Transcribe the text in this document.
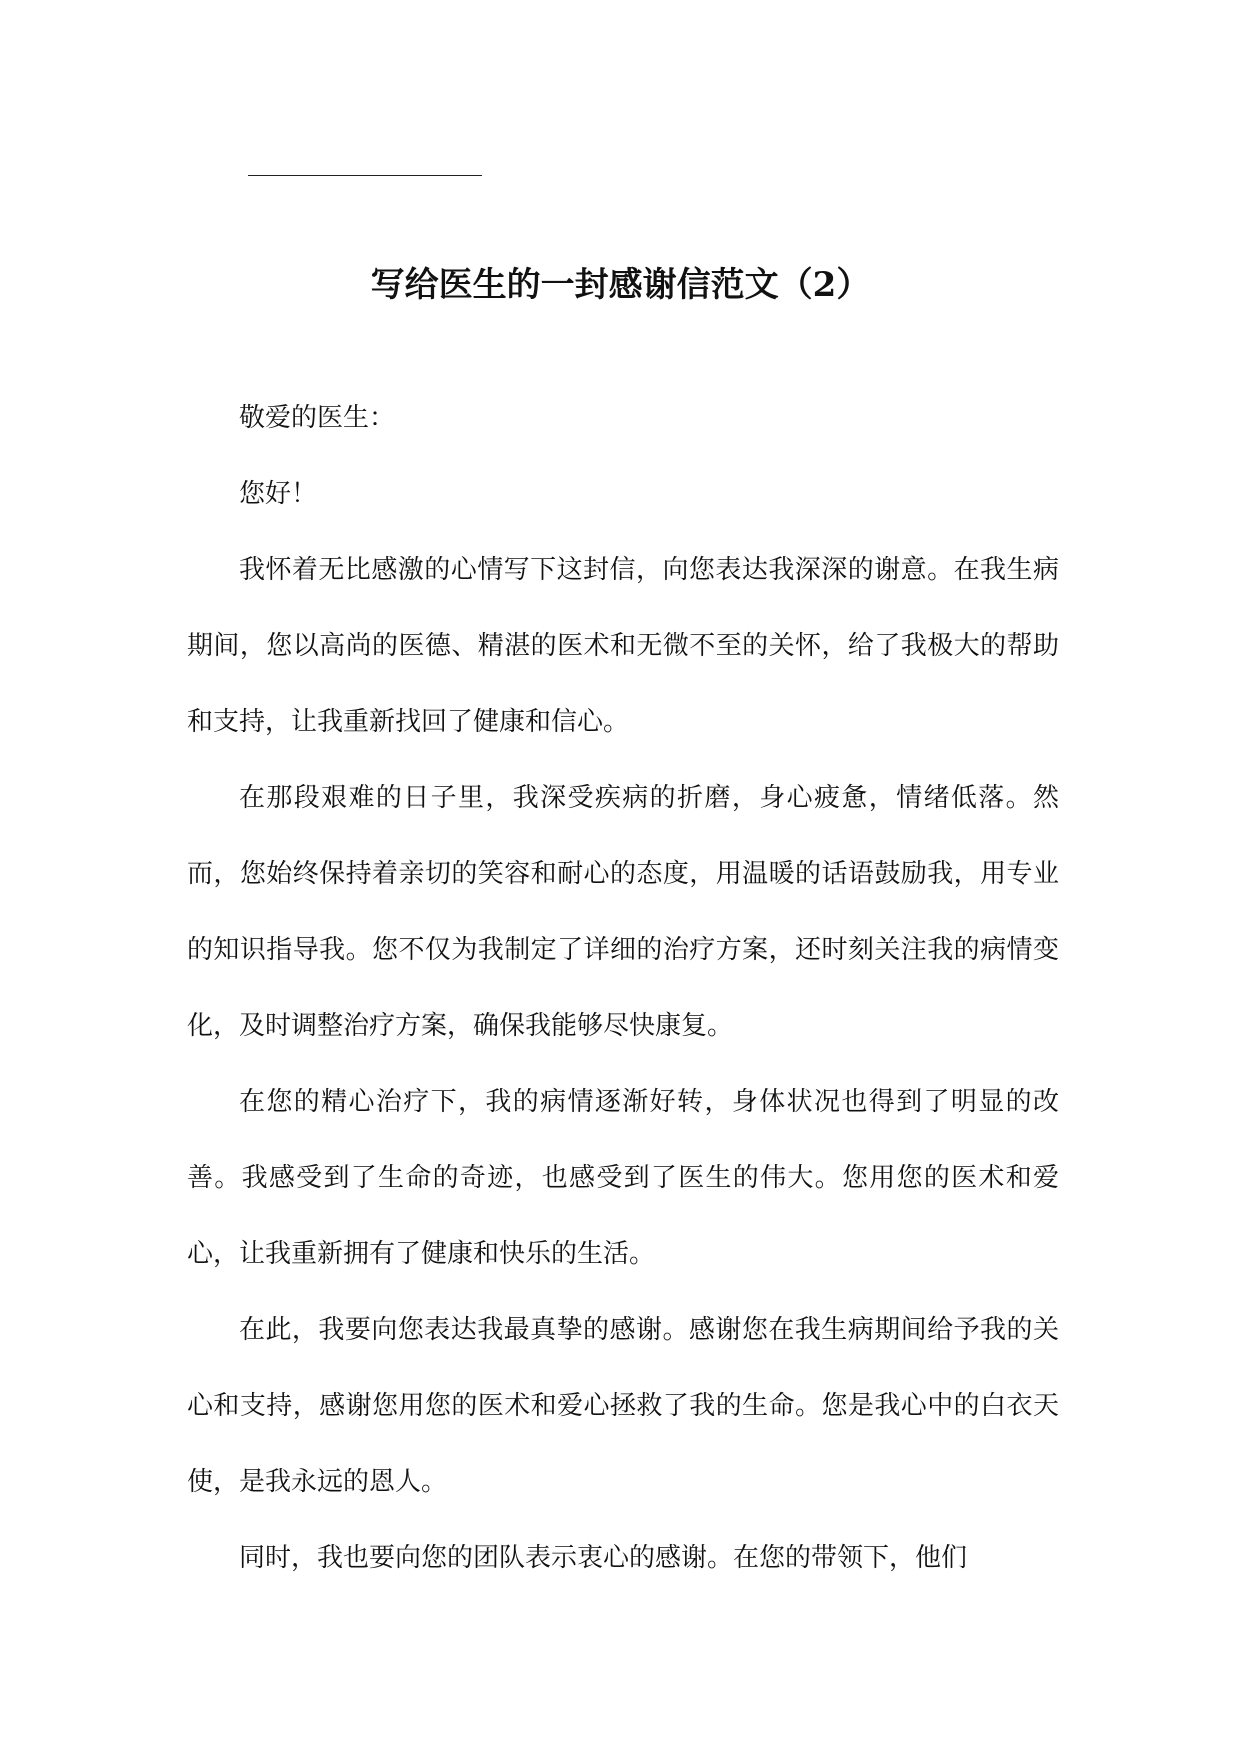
写给医生的一封感谢信范文（2）

敬爱的医生：

您好！

我怀着无比感激的心情写下这封信，向您表达我深深的谢意。在我生病期间，您以高尚的医德、精湛的医术和无微不至的关怀，给了我极大的帮助和支持，让我重新找回了健康和信心。

在那段艰难的日子里，我深受疾病的折磨，身心疲惫，情绪低落。然而，您始终保持着亲切的笑容和耐心的态度，用温暖的话语鼓励我，用专业的知识指导我。您不仅为我制定了详细的治疗方案，还时刻关注我的病情变化，及时调整治疗方案，确保我能够尽快康复。

在您的精心治疗下，我的病情逐渐好转，身体状况也得到了明显的改善。我感受到了生命的奇迹，也感受到了医生的伟大。您用您的医术和爱心，让我重新拥有了健康和快乐的生活。

在此，我要向您表达我最真挚的感谢。感谢您在我生病期间给予我的关心和支持，感谢您用您的医术和爱心拯救了我的生命。您是我心中的白衣天使，是我永远的恩人。

同时，我也要向您的团队表示衷心的感谢。在您的带领下，他们
